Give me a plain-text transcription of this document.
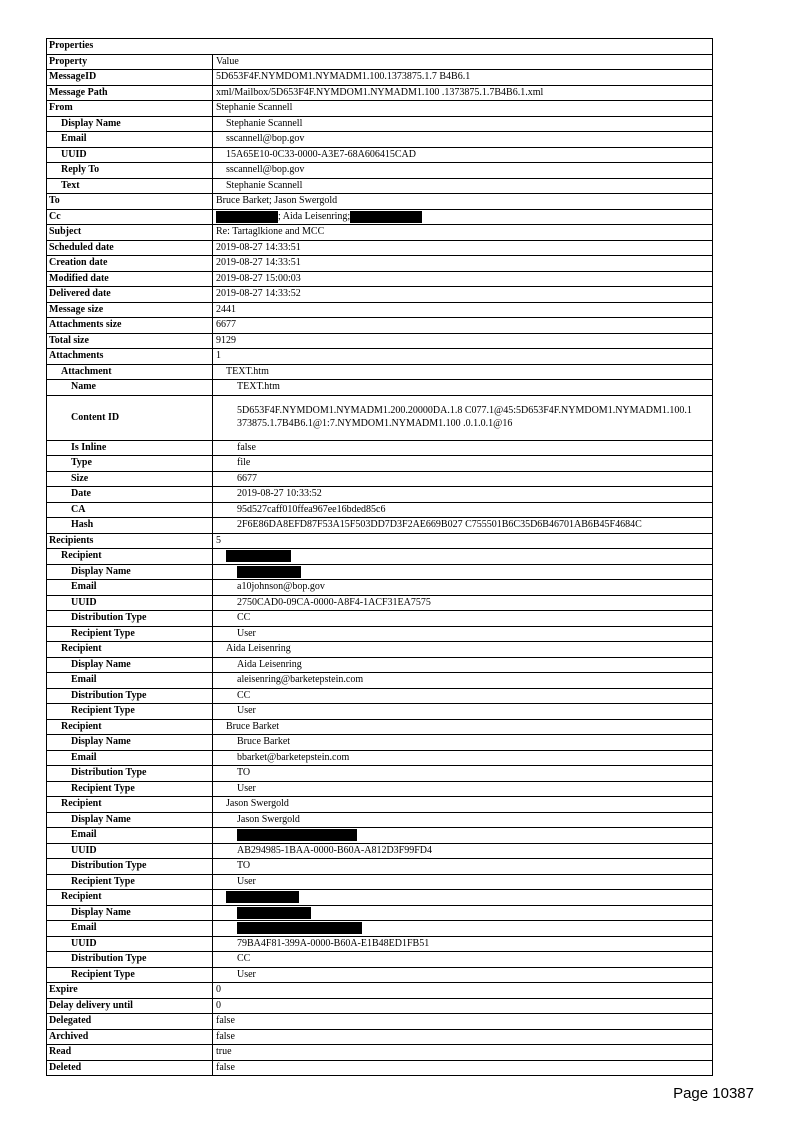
Properties	
Property	Value
MessageID	5D653F4F.NYMDOM1.NYMADM1.100.1373875.1.7 B4B6.1
Message Path	xml/Mailbox/5D653F4F.NYMDOM1.NYMADM1.100 .1373875.1.7B4B6.1.xml
From	Stephanie Scannell
Display Name	Stephanie Scannell
Email	sscannell@bop.gov
UUID	15A65E10-0C33-0000-A3E7-68A606415CAD
Reply To	sscannell@bop.gov
Text	Stephanie Scannell
To	Bruce Barket; Jason Swergold
Cc	; Aida Leisenring;
Subject	Re: Tartaglkione and MCC
Scheduled date	2019-08-27 14:33:51
Creation date	2019-08-27 14:33:51
Modified date	2019-08-27 15:00:03
Delivered date	2019-08-27 14:33:52
Message size	2441
Attachments size	6677
Total size	9129
Attachments	1
Attachment	TEXT.htm
Name	TEXT.htm
Content ID	5D653F4F.NYMDOM1.NYMADM1.200.20000DA.1.8 C077.1@45:5D653F4F.NYMDOM1.NYMADM1.100.1 373875.1.7B4B6.1@1:7.NYMDOM1.NYMADM1.100 .0.1.0.1@16
Is Inline	false
Type	file
Size	6677
Date	2019-08-27 10:33:52
CA	95d527caff010ffea967ee16bded85c6
Hash	2F6E86DA8EFD87F53A15F503DD7D3F2AE669B027 C755501B6C35D6B46701AB6B45F4684C
Recipients	5
Recipient	
Display Name	
Email	a10johnson@bop.gov
UUID	2750CAD0-09CA-0000-A8F4-1ACF31EA7575
Distribution Type	CC
Recipient Type	User
Recipient	Aida Leisenring
Display Name	Aida Leisenring
Email	aleisenring@barketepstein.com
Distribution Type	CC
Recipient Type	User
Recipient	Bruce Barket
Display Name	Bruce Barket
Email	bbarket@barketepstein.com
Distribution Type	TO
Recipient Type	User
Recipient	Jason Swergold
Display Name	Jason Swergold
Email	
UUID	AB294985-1BAA-0000-B60A-A812D3F99FD4
Distribution Type	TO
Recipient Type	User
Recipient	
Display Name	
Email	
UUID	79BA4F81-399A-0000-B60A-E1B48ED1FB51
Distribution Type	CC
Recipient Type	User
Expire	0
Delay delivery until	0
Delegated	false
Archived	false
Read	true
Deleted	false
Page 10387
